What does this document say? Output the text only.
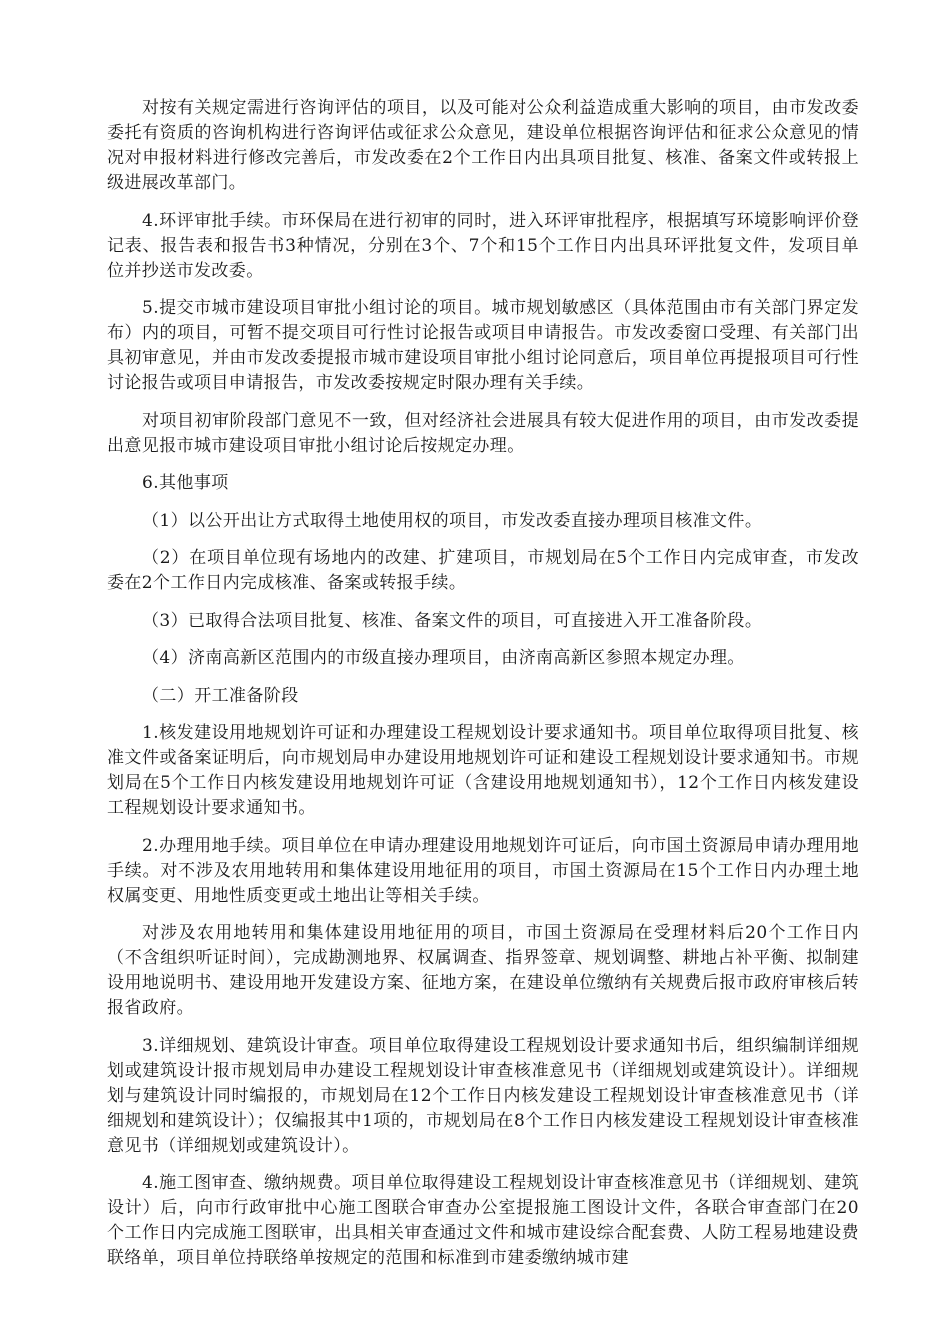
对按有关规定需进行咨询评估的项目，以及可能对公众利益造成重大影响的项目，由市发改委委托有资质的咨询机构进行咨询评估或征求公众意见，建设单位根据咨询评估和征求公众意见的情况对申报材料进行修改完善后，市发改委在2个工作日内出具项目批复、核准、备案文件或转报上级进展改革部门。

4.环评审批手续。市环保局在进行初审的同时，进入环评审批程序，根据填写环境影响评价登记表、报告表和报告书3种情况，分别在3个、7个和15个工作日内出具环评批复文件，发项目单位并抄送市发改委。

5.提交市城市建设项目审批小组讨论的项目。城市规划敏感区（具体范围由市有关部门界定发布）内的项目，可暂不提交项目可行性讨论报告或项目申请报告。市发改委窗口受理、有关部门出具初审意见，并由市发改委提报市城市建设项目审批小组讨论同意后，项目单位再提报项目可行性讨论报告或项目申请报告，市发改委按规定时限办理有关手续。

对项目初审阶段部门意见不一致，但对经济社会进展具有较大促进作用的项目，由市发改委提出意见报市城市建设项目审批小组讨论后按规定办理。

6.其他事项

（1）以公开出让方式取得土地使用权的项目，市发改委直接办理项目核准文件。

（2）在项目单位现有场地内的改建、扩建项目，市规划局在5个工作日内完成审查，市发改委在2个工作日内完成核准、备案或转报手续。

（3）已取得合法项目批复、核准、备案文件的项目，可直接进入开工准备阶段。

（4）济南高新区范围内的市级直接办理项目，由济南高新区参照本规定办理。

（二）开工准备阶段

1.核发建设用地规划许可证和办理建设工程规划设计要求通知书。项目单位取得项目批复、核准文件或备案证明后，向市规划局申办建设用地规划许可证和建设工程规划设计要求通知书。市规划局在5个工作日内核发建设用地规划许可证（含建设用地规划通知书），12个工作日内核发建设工程规划设计要求通知书。

2.办理用地手续。项目单位在申请办理建设用地规划许可证后，向市国土资源局申请办理用地手续。对不涉及农用地转用和集体建设用地征用的项目，市国土资源局在15个工作日内办理土地权属变更、用地性质变更或土地出让等相关手续。

对涉及农用地转用和集体建设用地征用的项目，市国土资源局在受理材料后20个工作日内（不含组织听证时间），完成勘测地界、权属调查、指界签章、规划调整、耕地占补平衡、拟制建设用地说明书、建设用地开发建设方案、征地方案，在建设单位缴纳有关规费后报市政府审核后转报省政府。

3.详细规划、建筑设计审查。项目单位取得建设工程规划设计要求通知书后，组织编制详细规划或建筑设计报市规划局申办建设工程规划设计审查核准意见书（详细规划或建筑设计）。详细规划与建筑设计同时编报的，市规划局在12个工作日内核发建设工程规划设计审查核准意见书（详细规划和建筑设计）；仅编报其中1项的，市规划局在8个工作日内核发建设工程规划设计审查核准意见书（详细规划或建筑设计）。

4.施工图审查、缴纳规费。项目单位取得建设工程规划设计审查核准意见书（详细规划、建筑设计）后，向市行政审批中心施工图联合审查办公室提报施工图设计文件，各联合审查部门在20个工作日内完成施工图联审，出具相关审查通过文件和城市建设综合配套费、人防工程易地建设费联络单，项目单位持联络单按规定的范围和标准到市建委缴纳城市建
